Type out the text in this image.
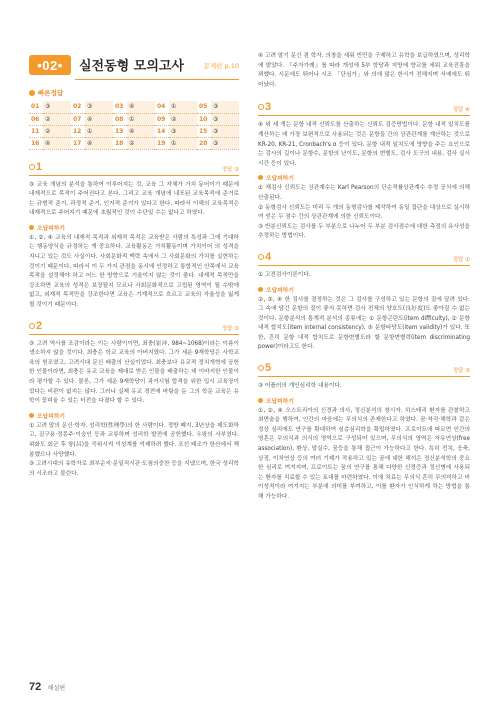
•02•	실전동형 모의고사	문제편 p.10
빠른정답
01	③	02	③	03	④	04	①	05	③
06	②	07	④	08	①	09	②	10	③
11	②	12	①	13	④	14	③	15	③
16	④	17	④	18	②	19	①	20	③
1	정답 ③

③ 교육 개념의 분석을 통하여 이루어지는 것, 교육 그 자체가 가치 동어이기 때문에 내재적으로 목적이 주어진다고 본다. 그리고 교육 개념에 내포된 교육목적에 준거로는 규범적 준거, 과정적 준거, 인지적 준거가 있다고 한다. 따라서 이해의 교육목적은 내재적으로 주어지기 때문에 초월적인 것이 수단일 수는 없다고 하였다.

오답피하기

①, ②, ④ 교육의 내재적 목적과 외재적 목적은 교육받은 사람의 특성과 그에 기대하는 행동양식을 규정하는 게 중요하다. 교육활동은 가치활동이며 가치이어 의 성격을 지니고 있는 것도 사실이다. 사회문화적 맥락 속에서 그 사회문화의 가치를 실현하는 것이기 때문이다. 따라서 이 두 가지 관점을 동시에 인정하고 통합적인 안목에서 교육목적을 설정해야 하고 어느 한 방향으로 기울이지 않는 것이 좋다. 내재적 목적만을 강조하면 교육의 성격은 보장될지 모르나 사회문화적으로 고립된 영역이 될 수밖에 없고, 외재적 목적만을 강조한다면 교육은 기계적으로 흐르고 교육의 자율성을 잃게 될 것이기 때문이다.

2	정답 ③

③ 고려 역사를 조감이라는 이는 사람이이면, 최충(崔冲, 984~1068)이라는 이름이 생소하지 않을 것이다. 최충은 학교 교육의 아버지였다. 그가 세운 9재학당은 사학교육의 원조였고, 고려시대 문신 배출의 산실이었다. 최충보다 유교적 정치개혁에 공헌한 인물이라면, 최충은 유교 교육을 제대로 받은 인물을 배출하는 데 이바지한 인물이라 평가할 수 있다. 물론, 그가 세운 9재학당이 과거시험 합격을 위한 입시 교육장이었다는 비판이 없지는 않다. 그러나 실제 유교 경전에 바탕을 둔 그의 학문 교육은 유학이 꽃피울 수 있는 터전을 다졌다 할 수 있다.

오답피하기

① 고려 말의 문신·학자. 성리학(性理學)의 한 사람이다. 정방 폐지, 3년상을 제도화하고, 김구용·정몽주·이숭인 등과 교류하며 성리학 발전에 공헌했다. 우왕의 사부였다. 위화도 회군 후 창(昌)을 즉위시켜 이성계를 억제하려 했다. 조선 태조가 한산에서 책봉했으나 사양했다.
③ 고려시대의 유학자로 최부순지·문일직시관·도첨의중찬 등을 지냈으며, 한국 성리학의 시조라고 불린다.

④ 고려 말기 문신 겸 학자. 의창을 세워 빈민을 구제하고 유학을 보급하였으며, 성리학에 밝았다. 『주자가례』를 따라 개성에 5부 학당과 지방에 향교를 세워 교육진흥을 꾀했다. 시문에도 뛰어나 시조 「단심가」와 의에 많은 한시가 전해지며 서예에도 뛰어났다.

3	정답 ④

④ 위 세 개는 문항 내적 신뢰도를 산출하는 신뢰도 검증방법이다. 문항 내적 일치도를 계산하는 데 가장 보편적으로 사용되는 것은 문항들 간의 상관관계를 계산하는 것으로 KR-20, KR-21, Cronbach's α 등이 있다. 문항 내적 일치도에 영향을 주는 요인으로는 검사의 길이나 문항수, 문항의 난이도, 문항의 변별도, 검사 도구의 내용, 검사 실시 시간 등이 있다.

오답피하기

① 재검사 신뢰도는 상관계수는 Karl Pearson의 단순적률상관계수 추정 공식에 의해 산출된다.
② 동형검사 신뢰도는 미리 두 개의 동형검사를 제작하여 동일 집단을 대상으로 실시하여 얻은 두 점수 간의 상관관계에 의한 신뢰도이다.
③ 반분신뢰도는 검사를 두 부분으로 나누어 두 부분 검사점수에 대한 측정의 유사성을 추정하는 방법이다.

4	정답 ①

① 고전검사이론이다.

오답피하기

②, ③, ④ 한 검사를 결정하는 것은 그 검사를 구성하고 있는 문항의 질에 달려 있다. 그 속에 담긴 문항의 질이 좋지 못하면 검사 전체의 양호도(良好度)도 좋아질 수 없는 것이다. 문항분석의 통계적 분석의 종류에는 ① 문항곤란도(item difficulty), ② 문항 내적 합치도(item internal consistency), ③ 문항타당도(item validity)가 있다. 또한, 흔히 문항 내적 합치도로 문항변별도라 할 문항변별력(item discriminating power)이라고도 한다.

5	정답 ③

③ 어플러의 개인심리학 내용이다.

오답피하기

①, ②, ④ 오스트리아의 신경과 의사, 정신분석의 창시자. 히스테리 환자를 관찰하고 최면술을 행하여, 인간의 마음에는 무의식의 존재한다고 하였다. 꿈·착각·해학과 같은 정상 심리에도 연구를 확대하여 심층심리학을 확립하였다. 프로이트에 따르면 인간의 영혼은 무의식과 의식의 영역으로 구성되어 있으며, 무의식의 영역은 자유연상(free association), 환상, 말실수, 꿈등을 통해 접근이 가능하다고 한다. 특히 전치, 응축, 상징, 이차연상 등의 여러 기제가 작용하고 있는 꿈에 대한 해석은 정신분석학의 중요한 심리로 여겨지며, 프로이트는 꿈의 연구를 통해 다양한 신경증과 정신병에 사용되는 환자를 치료할 수 있는 토대를 마련하였다. 이에 치료는 무의식 흔히 무의미하고 비이성적이라 여겨지는 부분에 의미를 부여하고, 이를 환자가 인식하게 하는 방법을 통해 가능하다.

72 해설편
